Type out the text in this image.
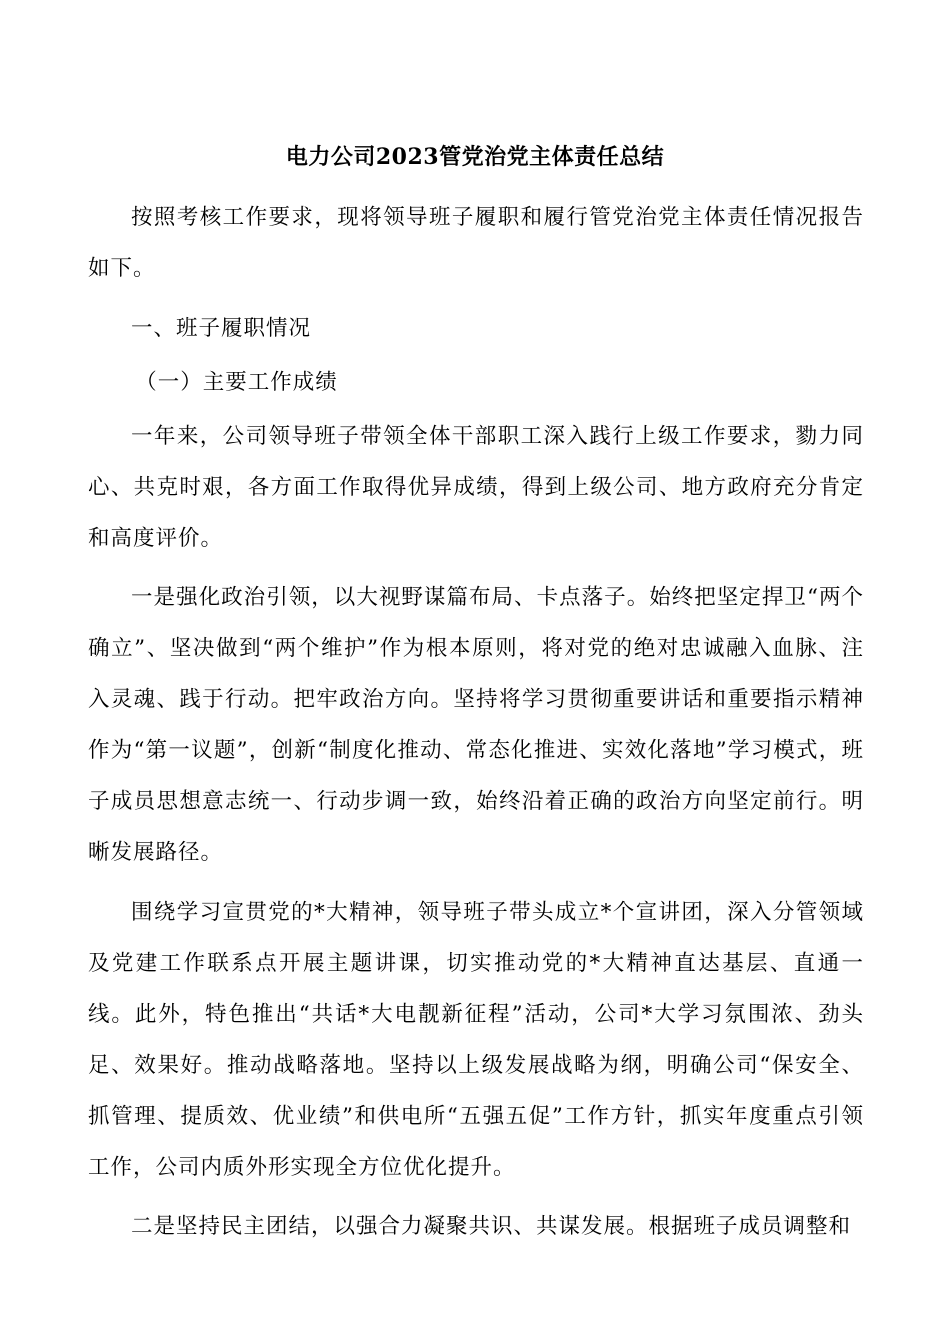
电力公司2023管党治党主体责任总结

按照考核工作要求，现将领导班子履职和履行管党治党主体责任情况报告如下。

一、班子履职情况

（一）主要工作成绩

一年来，公司领导班子带领全体干部职工深入践行上级工作要求，勠力同心、共克时艰，各方面工作取得优异成绩，得到上级公司、地方政府充分肯定和高度评价。

一是强化政治引领，以大视野谋篇布局、卡点落子。始终把坚定捍卫“两个确立”、坚决做到“两个维护”作为根本原则，将对党的绝对忠诚融入血脉、注入灵魂、践于行动。把牢政治方向。坚持将学习贯彻重要讲话和重要指示精神作为“第一议题”，创新“制度化推动、常态化推进、实效化落地”学习模式，班子成员思想意志统一、行动步调一致，始终沿着正确的政治方向坚定前行。明晰发展路径。

围绕学习宣贯党的*大精神，领导班子带头成立*个宣讲团，深入分管领域及党建工作联系点开展主题讲课，切实推动党的*大精神直达基层、直通一线。此外，特色推出“共话*大电靓新征程”活动，公司*大学习氛围浓、劲头足、效果好。推动战略落地。坚持以上级发展战略为纲，明确公司“保安全、抓管理、提质效、优业绩”和供电所“五强五促”工作方针，抓实年度重点引领工作，公司内质外形实现全方位优化提升。

二是坚持民主团结，以强合力凝聚共识、共谋发展。根据班子成员调整和
